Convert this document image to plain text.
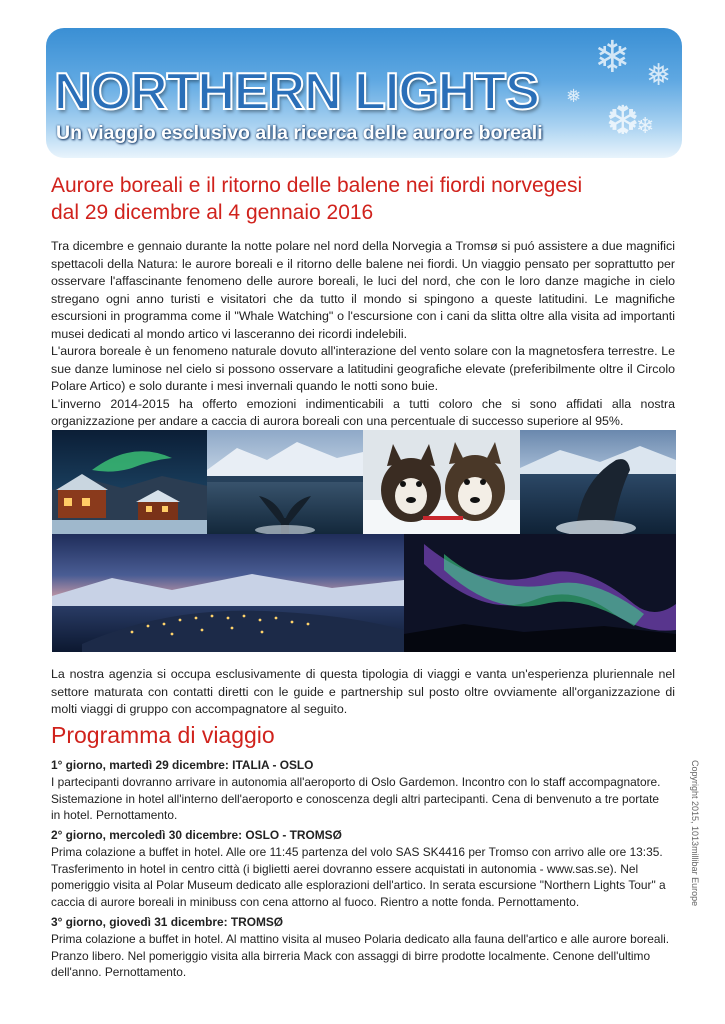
❄ ❅
❆
❄
❅
NORTHERN LIGHTS
Un viaggio esclusivo alla ricerca delle aurore boreali
Aurore boreali e il ritorno delle balene nei fiordi norvegesi
dal 29 dicembre al 4 gennaio 2016

Tra dicembre e gennaio durante la notte polare nel nord della Norvegia a Tromsø si puó assistere a due magnifici spettacoli della Natura: le aurore boreali e il ritorno delle balene nei fiordi. Un viaggio pensato per soprattutto per osservare l'affascinante fenomeno delle aurore boreali, le luci del nord, che con le loro danze magiche in cielo stregano ogni anno turisti e visitatori che da tutto il mondo si spingono a queste latitudini. Le magnifiche escursioni in programma come il "Whale Watching" o l'escursione con i cani da slitta oltre alla visita ad importanti musei dedicati al mondo artico vi lasceranno dei ricordi indelebili.

L'aurora boreale è un fenomeno naturale dovuto all'interazione del vento solare con la magnetosfera terrestre. Le sue danze luminose nel cielo si possono osservare a latitudini geografiche elevate (preferibilmente oltre il Circolo Polare Artico) e solo durante i mesi invernali quando le notti sono buie.

L'inverno 2014-2015 ha offerto emozioni indimenticabili a tutti coloro che si sono affidati alla nostra organizzazione per andare a caccia di aurora boreali con una percentuale di successo superiore al 95%.

La nostra agenzia si occupa esclusivamente di questa tipologia di viaggi e vanta un'esperienza pluriennale nel settore maturata con contatti diretti con le guide e partnership sul posto oltre ovviamente all'organizzazione di molti viaggi di gruppo con accompagnatore al seguito.
Programma di viaggio
1° giorno, martedì 29 dicembre: ITALIA - OSLO
I partecipanti dovranno arrivare in autonomia all'aeroporto di Oslo Gardemon. Incontro con lo staff accompagnatore. Sistemazione in hotel all'interno dell'aeroporto e conoscenza degli altri partecipanti. Cena di benvenuto a tre portate in hotel. Pernottamento.
2° giorno, mercoledì 30 dicembre: OSLO - TROMSØ
Prima colazione a buffet in hotel. Alle ore 11:45 partenza del volo SAS SK4416 per Tromso con arrivo alle ore 13:35. Trasferimento in hotel in centro città (i biglietti aerei dovranno essere acquistati in autonomia - www.sas.se). Nel pomeriggio visita al Polar Museum dedicato alle esplorazioni dell'artico. In serata escursione "Northern Lights Tour" a caccia di aurore boreali in minibuss con cena attorno al fuoco. Rientro a notte fonda. Pernottamento.
3° giorno, giovedì 31 dicembre: TROMSØ
Prima colazione a buffet in hotel. Al mattino visita al museo Polaria dedicato alla fauna dell'artico e alle aurore boreali. Pranzo libero. Nel pomeriggio visita alla birreria Mack con assaggi di birre prodotte localmente. Cenone dell'ultimo dell'anno. Pernottamento.
Copyright 2015, 1013millibar Europe
